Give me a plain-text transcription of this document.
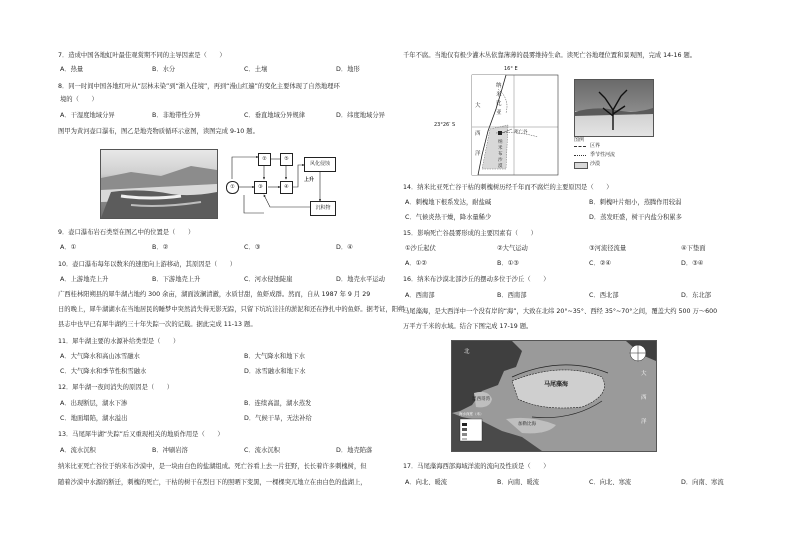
7．造成中国各地虹叶最佳观赏期不同的主导因素是（　　）
A．热量	B．水分	C．土壤	D．地形
8．同一时间中国各地红叶从“层林未染”到“渐入佳境”，再到“漫山红遍”的变化主要体现了自然地理环
境的（　　）
A．干湿度地域分异	B．非地带性分异	C．垂直地域分异规律	D．纬度地域分异
图甲为黄河壶口瀑布，图乙是地壳物质循环示意图，读图完成 9-10 题。
①
②
③	④
⑤
风化侵蚀
上升
沉积物
9．壶口瀑布岩石类型在图乙中的位置是（　　）
A．①	B．②	C．③	D．④
10．壶口瀑布每年以数米的速度向上游移动，其原因是（　　）
A．上游地壳上升	B．下游地壳上升	C．河水侵蚀陡崖	D．地壳水平运动
广西桂林阳朔县的犀牛湖占地约 300 余亩，湖面波澜清澈，水质甘甜，鱼虾成群。然而，自从 1987 年 9 月 29
日的晚上，犀牛湖湖水在当地居民的睡梦中突然消失得无影无踪，只留下坑坑洼洼的淤泥和还在挣扎中的鱼虾。据考证，阳朔
县志中也早已有犀牛湖约三十年失踪一次的记载。据此完成 11-13 题。
11．犀牛湖主要的水源补给类型是（　　）
A．大气降水和高山冰雪融水	B．大气降水和地下水
C．大气降水和季节性积雪融水	D．冰雪融水和地下水
12．犀牛湖一夜间消失的原因是（　　）
A．出现断层，湖水下渗	B．连续高温，湖水蒸发
C．地面塌陷，湖水溢出	D．气候干旱，无法补给
13．马尾犀牛湖“失踪”后又重现相关的地质作用是（　　）
A．流水沉积	B．冲刷岩溶	C．流水沉积	D．地壳陷落
纳米比亚死亡谷位于纳米布沙漠中，是一块由白色的盐湖组成。死亡谷看上去一片狂野，长长着许多刺槐树，但
随着沙漠中水源的断迁，刺槐的死亡，干枯的树干在烈日下的照晒下变黑，一棵棵突兀地立在由白色的盐湖上，
千年不腐。当地仅有极少灌木丛依靠薄薄的晨雾维持生命。读死亡谷地理位置和景观图，完成 14-16 题。
16° E
23°26′ S
纳
米
比
亚
大
西
洋
死亡谷
纳
米
布
沙
漠
图例
区界
季节性河流
沙漠
14．纳米比亚死亡谷干枯的刺槐树历经千年而不腐烂的主要原因是（　　）
A．刺槐地下根系发达，耐盐碱	B．刺槐叶片细小，蒸腾作用较弱
C．气候炎热干燥，降水量稀少	D．蒸发旺盛，树干内盐分积累多
15．影响死亡谷晨雾形成的主要因素有（　　）
①沙丘起伏	②大气运动	③河流径流量	④下垫面
A．①②	B．①③	C．②④	D．③④
16．纳米布沙漠北部沙丘的摆动多位于沙丘（　　）
A．西南部	B．西南部	C．西北部	D．东北部
马尾藻海，是大西洋中一个没有岸的“海”，大致在北纬 20°~35°、西经 35°~70°之间，覆盖大约 500 万～600
万平方千米的水域。结合下图完成 17-19 题。
北
马尾藻海
墨西哥湾
加勒比海
大
西
洋
海水深度（米）
17．马尾藻海西部海域洋流的流向及性质是（　　）
A．向北、暖流	B．向南、暖流	C．向北、寒流	D．向南、寒流
